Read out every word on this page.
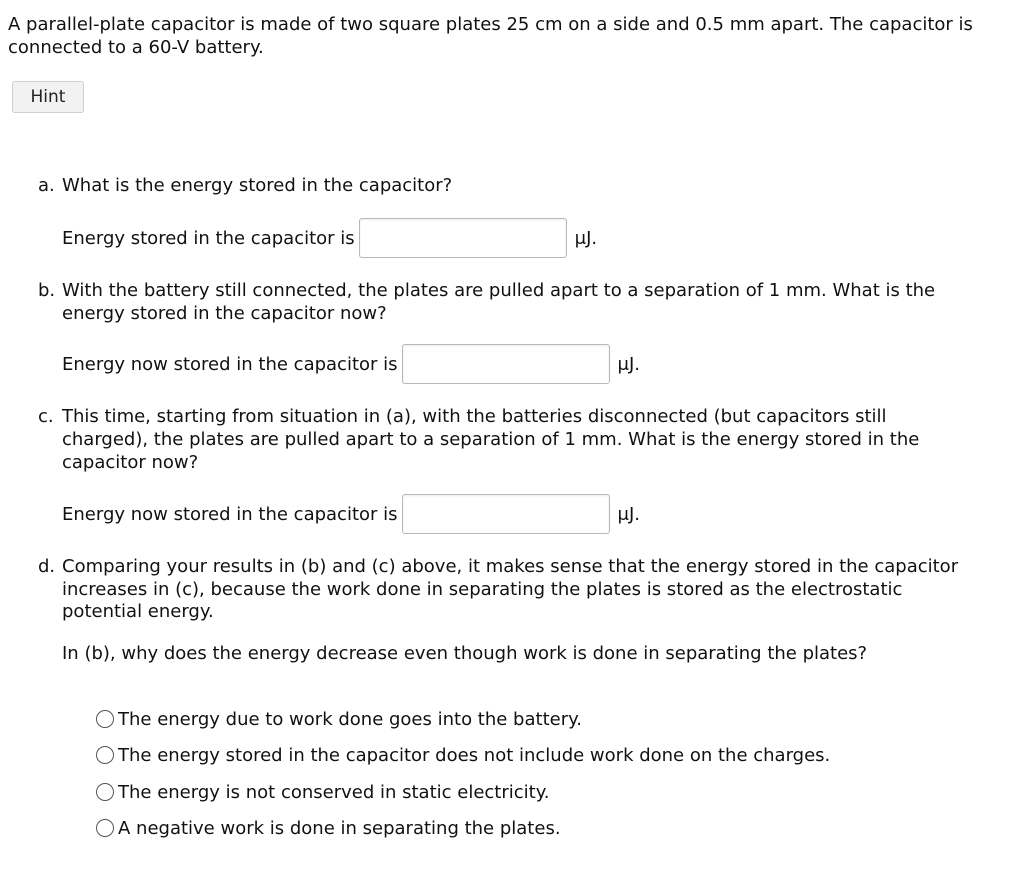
A parallel-plate capacitor is made of two square plates 25 cm on a side and 0.5 mm apart. The capacitor is
connected to a 60-V battery.
Hint
a. What is the energy stored in the capacitor?
Energy stored in the capacitor is	μJ.
b. With the battery still connected, the plates are pulled apart to a separation of 1 mm. What is the
energy stored in the capacitor now?
Energy now stored in the capacitor is	μJ.
c. This time, starting from situation in (a), with the batteries disconnected (but capacitors still
charged), the plates are pulled apart to a separation of 1 mm. What is the energy stored in the
capacitor now?
Energy now stored in the capacitor is	μJ.
d. Comparing your results in (b) and (c) above, it makes sense that the energy stored in the capacitor
increases in (c), because the work done in separating the plates is stored as the electrostatic
potential energy.
In (b), why does the energy decrease even though work is done in separating the plates?
The energy due to work done goes into the battery.
The energy stored in the capacitor does not include work done on the charges.
The energy is not conserved in static electricity.
A negative work is done in separating the plates.
